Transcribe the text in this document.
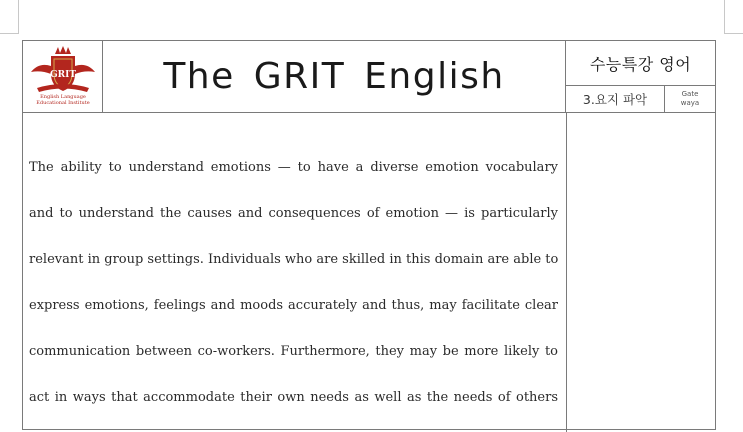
GRIT
English Language
Educational Institute
The GRIT English	수능특강 영어
3.요지 파악	Gate
waya
The ability to understand emotions — to have a diverse emotion vocabulary
and to understand the causes and consequences of emotion — is particularly
relevant in group settings. Individuals who are skilled in this domain are able to
express emotions, feelings and moods accurately and thus, may facilitate clear
communication between co-workers. Furthermore, they may be more likely to
act in ways that accommodate their own needs as well as the needs of others
